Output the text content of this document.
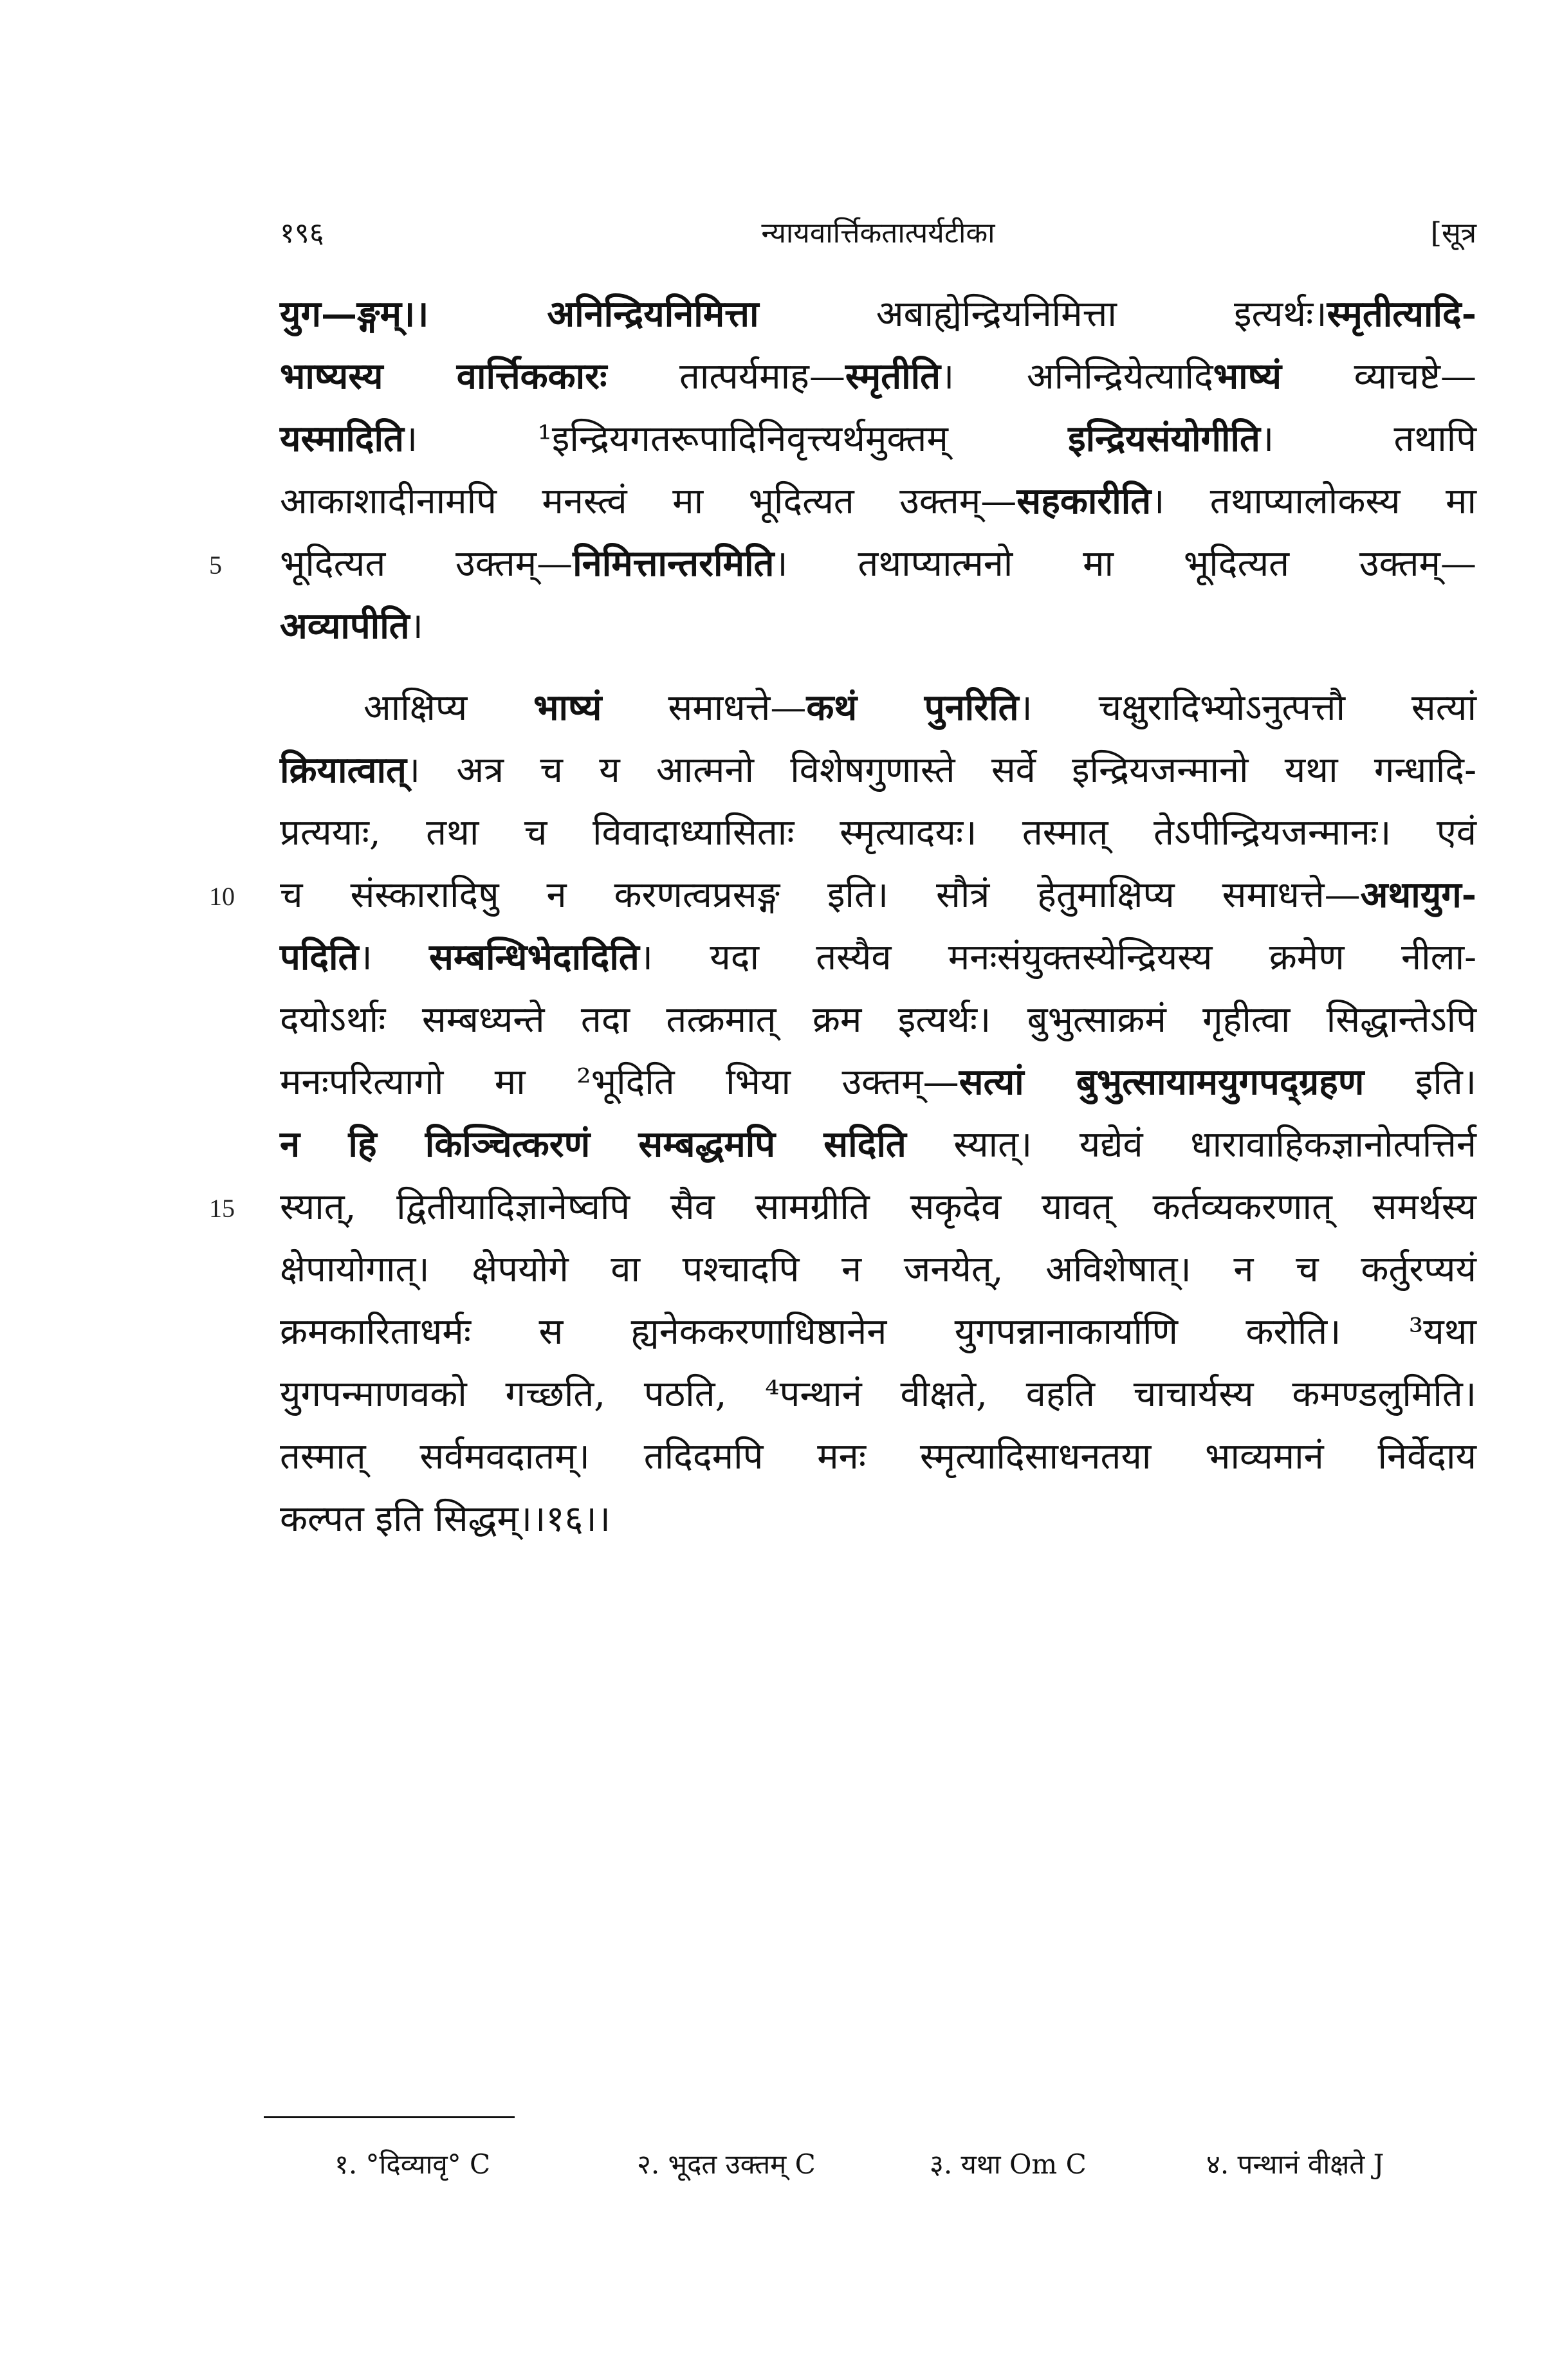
१९६	न्यायवार्त्तिकतात्पर्यटीका	[सूत्र
युग—ङ्गम्।। अनिन्द्रियनिमित्ता अबाह्येन्द्रियनिमित्ता इत्यर्थः।स्मृतीत्यादि-
भाष्यस्य वार्त्तिककारः तात्पर्यमाह—स्मृतीति। अनिन्द्रियेत्यादिभाष्यं व्याचष्टे—
यस्मादिति। ¹इन्द्रियगतरूपादिनिवृत्त्यर्थमुक्तम् इन्द्रियसंयोगीति। तथापि
आकाशादीनामपि मनस्त्वं मा भूदित्यत उक्तम्—सहकारीति। तथाप्यालोकस्य मा
भूदित्यत उक्तम्—निमित्तान्तरमिति। तथाप्यात्मनो मा भूदित्यत उक्तम्—
अव्यापीति।
आक्षिप्य भाष्यं समाधत्ते—कथं पुनरिति। चक्षुरादिभ्योऽनुत्पत्तौ सत्यां
क्रियात्वात्। अत्र च य आत्मनो विशेषगुणास्ते सर्वे इन्द्रियजन्मानो यथा गन्धादि-
प्रत्ययाः, तथा च विवादाध्यासिताः स्मृत्यादयः। तस्मात् तेऽपीन्द्रियजन्मानः। एवं
च संस्कारादिषु न करणत्वप्रसङ्ग इति। सौत्रं हेतुमाक्षिप्य समाधत्ते—अथायुग-
पदिति। सम्बन्धिभेदादिति। यदा तस्यैव मनःसंयुक्तस्येन्द्रियस्य क्रमेण नीला-
दयोऽर्थाः सम्बध्यन्ते तदा तत्क्रमात् क्रम इत्यर्थः। बुभुत्साक्रमं गृहीत्वा सिद्धान्तेऽपि
मनःपरित्यागो मा ²भूदिति भिया उक्तम्—सत्यां बुभुत्सायामयुगपद्ग्रहण इति।
न हि किञ्चित्करणं सम्बद्धमपि सदिति स्यात्। यद्येवं धारावाहिकज्ञानोत्पत्तिर्न
स्यात्, द्वितीयादिज्ञानेष्वपि सैव सामग्रीति सकृदेव यावत् कर्तव्यकरणात् समर्थस्य
क्षेपायोगात्। क्षेपयोगे वा पश्चादपि न जनयेत्, अविशेषात्। न च कर्तुरप्ययं
क्रमकारिताधर्मः स ह्यनेककरणाधिष्ठानेन युगपन्नानाकार्याणि करोति। ³यथा
युगपन्माणवको गच्छति, पठति, ⁴पन्थानं वीक्षते, वहति चाचार्यस्य कमण्डलुमिति।
तस्मात् सर्वमवदातम्। तदिदमपि मनः स्मृत्यादिसाधनतया भाव्यमानं निर्वेदाय
कल्पत इति सिद्धम्।।१६।।
१. °दिव्यावृ° C	२. भूदत उक्तम् C	३. यथा Om C	४. पन्थानं वीक्षते J
5
10
15
